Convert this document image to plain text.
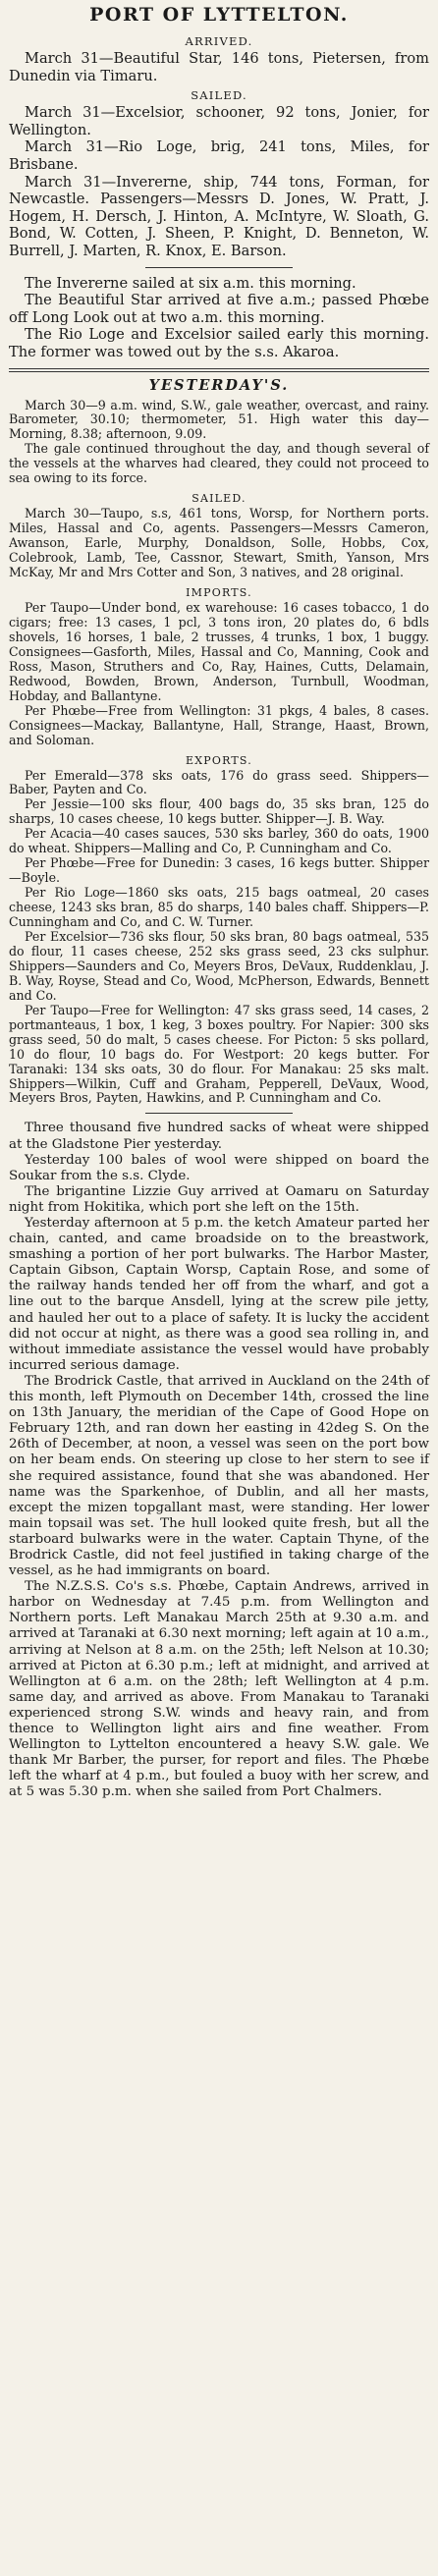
PORT OF LYTTELTON.
ARRIVED.

March 31—Beautiful Star, 146 tons, Pietersen, from Dunedin via Timaru.

SAILED.

March 31—Excelsior, schooner, 92 tons, Jonier, for Wellington.

March 31—Rio Loge, brig, 241 tons, Miles, for Brisbane.

March 31—Invererne, ship, 744 tons, Forman, for Newcastle. Passengers—Messrs D. Jones, W. Pratt, J. Hogem, H. Dersch, J. Hinton, A. McIntyre, W. Sloath, G. Bond, W. Cotten, J. Sheen, P. Knight, D. Benneton, W. Burrell, J. Marten, R. Knox, E. Barson.

The Invererne sailed at six a.m. this morning.

The Beautiful Star arrived at five a.m.; passed Phœbe off Long Look out at two a.m. this morning.

The Rio Loge and Excelsior sailed early this morning. The former was towed out by the s.s. Akaroa.

YESTERDAY'S.

March 30—9 a.m. wind, S.W., gale weather, overcast, and rainy. Barometer, 30.10; thermometer, 51. High water this day—Morning, 8.38; afternoon, 9.09.

The gale continued throughout the day, and though several of the vessels at the wharves had cleared, they could not proceed to sea owing to its force.

SAILED.

March 30—Taupo, s.s, 461 tons, Worsp, for Northern ports. Miles, Hassal and Co, agents. Passengers—Messrs Cameron, Awanson, Earle, Murphy, Donaldson, Solle, Hobbs, Cox, Colebrook, Lamb, Tee, Cassnor, Stewart, Smith, Yanson, Mrs McKay, Mr and Mrs Cotter and Son, 3 natives, and 28 original.

IMPORTS.

Per Taupo—Under bond, ex warehouse: 16 cases tobacco, 1 do cigars; free: 13 cases, 1 pcl, 3 tons iron, 20 plates do, 6 bdls shovels, 16 horses, 1 bale, 2 trusses, 4 trunks, 1 box, 1 buggy. Consignees—Gasforth, Miles, Hassal and Co, Manning, Cook and Ross, Mason, Struthers and Co, Ray, Haines, Cutts, Delamain, Redwood, Bowden, Brown, Anderson, Turnbull, Woodman, Hobday, and Ballantyne.

Per Phœbe—Free from Wellington: 31 pkgs, 4 bales, 8 cases. Consignees—Mackay, Ballantyne, Hall, Strange, Haast, Brown, and Soloman.

EXPORTS.

Per Emerald—378 sks oats, 176 do grass seed. Shippers—Baber, Payten and Co.

Per Jessie—100 sks flour, 400 bags do, 35 sks bran, 125 do sharps, 10 cases cheese, 10 kegs butter. Shipper—J. B. Way.

Per Acacia—40 cases sauces, 530 sks barley, 360 do oats, 1900 do wheat. Shippers—Malling and Co, P. Cunningham and Co.

Per Phœbe—Free for Dunedin: 3 cases, 16 kegs butter. Shipper—Boyle.

Per Rio Loge—1860 sks oats, 215 bags oatmeal, 20 cases cheese, 1243 sks bran, 85 do sharps, 140 bales chaff. Shippers—P. Cunningham and Co, and C. W. Turner.

Per Excelsior—736 sks flour, 50 sks bran, 80 bags oatmeal, 535 do flour, 11 cases cheese, 252 sks grass seed, 23 cks sulphur. Shippers—Saunders and Co, Meyers Bros, DeVaux, Ruddenklau, J. B. Way, Royse, Stead and Co, Wood, McPherson, Edwards, Bennett and Co.

Per Taupo—Free for Wellington: 47 sks grass seed, 14 cases, 2 portmanteaus, 1 box, 1 keg, 3 boxes poultry. For Napier: 300 sks grass seed, 50 do malt, 5 cases cheese. For Picton: 5 sks pollard, 10 do flour, 10 bags do. For Westport: 20 kegs butter. For Taranaki: 134 sks oats, 30 do flour. For Manakau: 25 sks malt. Shippers—Wilkin, Cuff and Graham, Pepperell, DeVaux, Wood, Meyers Bros, Payten, Hawkins, and P. Cunningham and Co.

Three thousand five hundred sacks of wheat were shipped at the Gladstone Pier yesterday.

Yesterday 100 bales of wool were shipped on board the Soukar from the s.s. Clyde.

The brigantine Lizzie Guy arrived at Oamaru on Saturday night from Hokitika, which port she left on the 15th.

Yesterday afternoon at 5 p.m. the ketch Amateur parted her chain, canted, and came broadside on to the breastwork, smashing a portion of her port bulwarks. The Harbor Master, Captain Gibson, Captain Worsp, Captain Rose, and some of the railway hands tended her off from the wharf, and got a line out to the barque Ansdell, lying at the screw pile jetty, and hauled her out to a place of safety. It is lucky the accident did not occur at night, as there was a good sea rolling in, and without immediate assistance the vessel would have probably incurred serious damage.

The Brodrick Castle, that arrived in Auckland on the 24th of this month, left Plymouth on December 14th, crossed the line on 13th January, the meridian of the Cape of Good Hope on February 12th, and ran down her easting in 42deg S. On the 26th of December, at noon, a vessel was seen on the port bow on her beam ends. On steering up close to her stern to see if she required assistance, found that she was abandoned. Her name was the Sparkenhoe, of Dublin, and all her masts, except the mizen topgallant mast, were standing. Her lower main topsail was set. The hull looked quite fresh, but all the starboard bulwarks were in the water. Captain Thyne, of the Brodrick Castle, did not feel justified in taking charge of the vessel, as he had immigrants on board.

The N.Z.S.S. Co's s.s. Phœbe, Captain Andrews, arrived in harbor on Wednesday at 7.45 p.m. from Wellington and Northern ports. Left Manakau March 25th at 9.30 a.m. and arrived at Taranaki at 6.30 next morning; left again at 10 a.m., arriving at Nelson at 8 a.m. on the 25th; left Nelson at 10.30; arrived at Picton at 6.30 p.m.; left at midnight, and arrived at Wellington at 6 a.m. on the 28th; left Wellington at 4 p.m. same day, and arrived as above. From Manakau to Taranaki experienced strong S.W. winds and heavy rain, and from thence to Wellington light airs and fine weather. From Wellington to Lyttelton encountered a heavy S.W. gale. We thank Mr Barber, the purser, for report and files. The Phœbe left the wharf at 4 p.m., but fouled a buoy with her screw, and at 5 was 5.30 p.m. when she sailed from Port Chalmers.
